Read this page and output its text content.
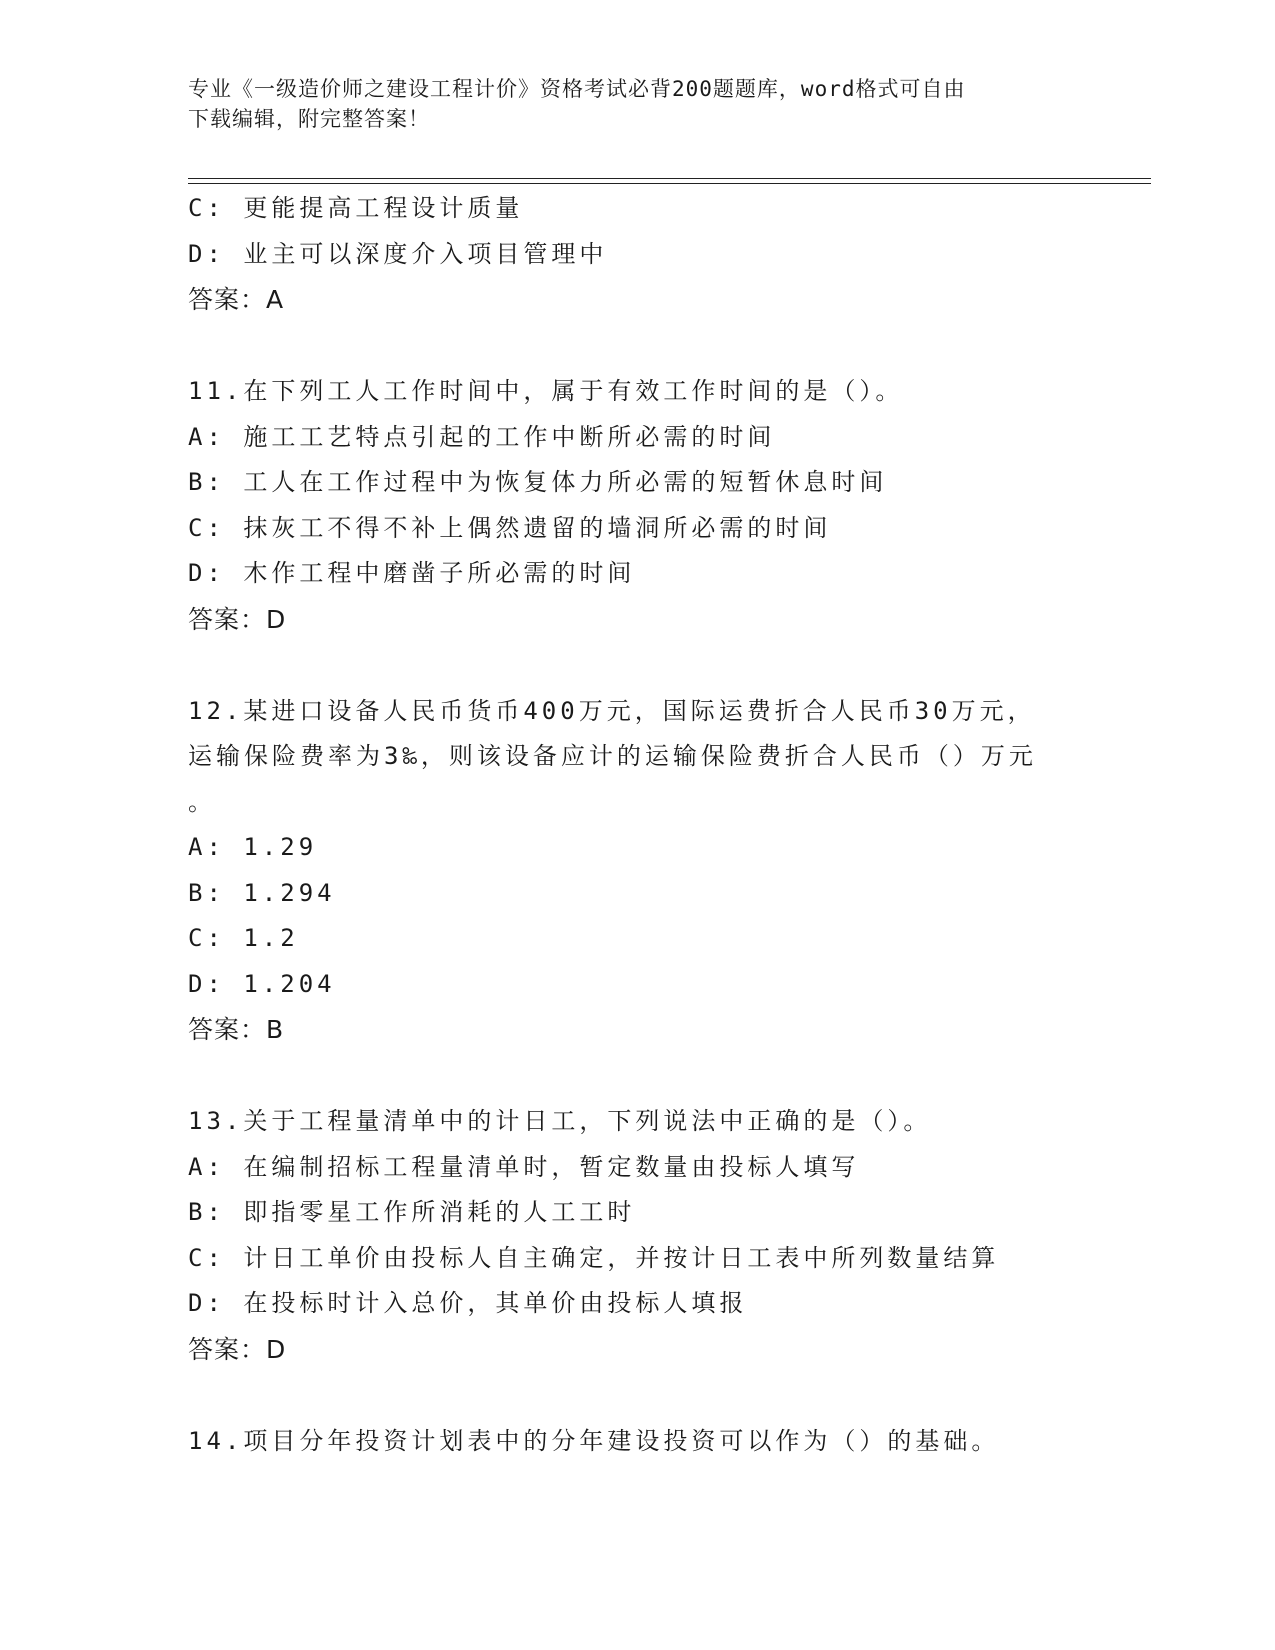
专业《一级造价师之建设工程计价》资格考试必背200题题库，word格式可自由
下载编辑，附完整答案！
C: 更能提高工程设计质量
D: 业主可以深度介入项目管理中
答案：A
11.在下列工人工作时间中，属于有效工作时间的是（）。
A: 施工工艺特点引起的工作中断所必需的时间
B: 工人在工作过程中为恢复体力所必需的短暂休息时间
C: 抹灰工不得不补上偶然遗留的墙洞所必需的时间
D: 木作工程中磨凿子所必需的时间
答案：D
12.某进口设备人民币货币400万元，国际运费折合人民币30万元，
运输保险费率为3‰，则该设备应计的运输保险费折合人民币（）万元
。
A: 1.29
B: 1.294
C: 1.2
D: 1.204
答案：B
13.关于工程量清单中的计日工，下列说法中正确的是（）。
A: 在编制招标工程量清单时，暂定数量由投标人填写
B: 即指零星工作所消耗的人工工时
C: 计日工单价由投标人自主确定，并按计日工表中所列数量结算
D: 在投标时计入总价，其单价由投标人填报
答案：D
14.项目分年投资计划表中的分年建设投资可以作为（）的基础。
